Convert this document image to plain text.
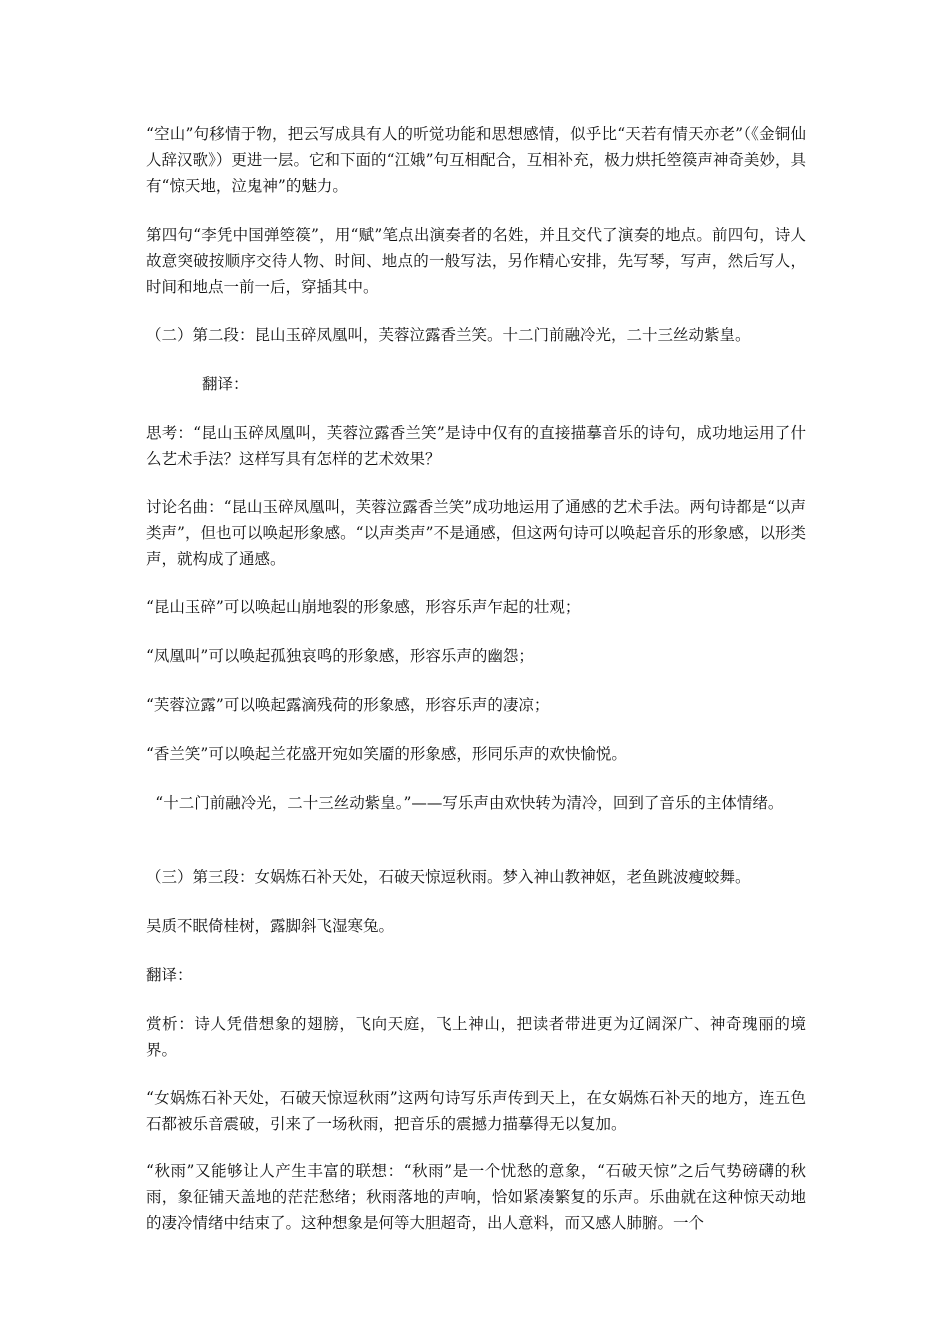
“空山”句移情于物，把云写成具有人的听觉功能和思想感情，似乎比“天若有情天亦老”（《金铜仙人辞汉歌》）更进一层。它和下面的“江娥”句互相配合，互相补充，极力烘托箜篌声神奇美妙，具有“惊天地，泣鬼神”的魅力。
第四句“李凭中国弹箜篌”，用“赋”笔点出演奏者的名姓，并且交代了演奏的地点。前四句，诗人故意突破按顺序交待人物、时间、地点的一般写法，另作精心安排，先写琴，写声，然后写人，时间和地点一前一后，穿插其中。
（二）第二段：昆山玉碎凤凰叫，芙蓉泣露香兰笑。十二门前融冷光，二十三丝动紫皇。
翻译：
思考：“昆山玉碎凤凰叫，芙蓉泣露香兰笑”是诗中仅有的直接描摹音乐的诗句，成功地运用了什么艺术手法？这样写具有怎样的艺术效果？
讨论名曲：“昆山玉碎凤凰叫，芙蓉泣露香兰笑”成功地运用了通感的艺术手法。两句诗都是“以声类声”，但也可以唤起形象感。“以声类声”不是通感，但这两句诗可以唤起音乐的形象感，以形类声，就构成了通感。
“昆山玉碎”可以唤起山崩地裂的形象感，形容乐声乍起的壮观；
“凤凰叫”可以唤起孤独哀鸣的形象感，形容乐声的幽怨；
“芙蓉泣露”可以唤起露滴残荷的形象感，形容乐声的凄凉；
“香兰笑”可以唤起兰花盛开宛如笑靥的形象感，形同乐声的欢快愉悦。
“十二门前融冷光，二十三丝动紫皇。”——写乐声由欢快转为清冷，回到了音乐的主体情绪。
（三）第三段：女娲炼石补天处，石破天惊逗秋雨。梦入神山教神妪，老鱼跳波瘦蛟舞。
吴质不眠倚桂树，露脚斜飞湿寒兔。
翻译：
赏析：诗人凭借想象的翅膀，飞向天庭，飞上神山，把读者带进更为辽阔深广、神奇瑰丽的境界。
“女娲炼石补天处，石破天惊逗秋雨”这两句诗写乐声传到天上，在女娲炼石补天的地方，连五色石都被乐音震破，引来了一场秋雨，把音乐的震撼力描摹得无以复加。
“秋雨”又能够让人产生丰富的联想：“秋雨”是一个忧愁的意象，“石破天惊”之后气势磅礴的秋雨，象征铺天盖地的茫茫愁绪；秋雨落地的声响，恰如紧凑繁复的乐声。乐曲就在这种惊天动地的凄冷情绪中结束了。这种想象是何等大胆超奇，出人意料，而又感人肺腑。一个
